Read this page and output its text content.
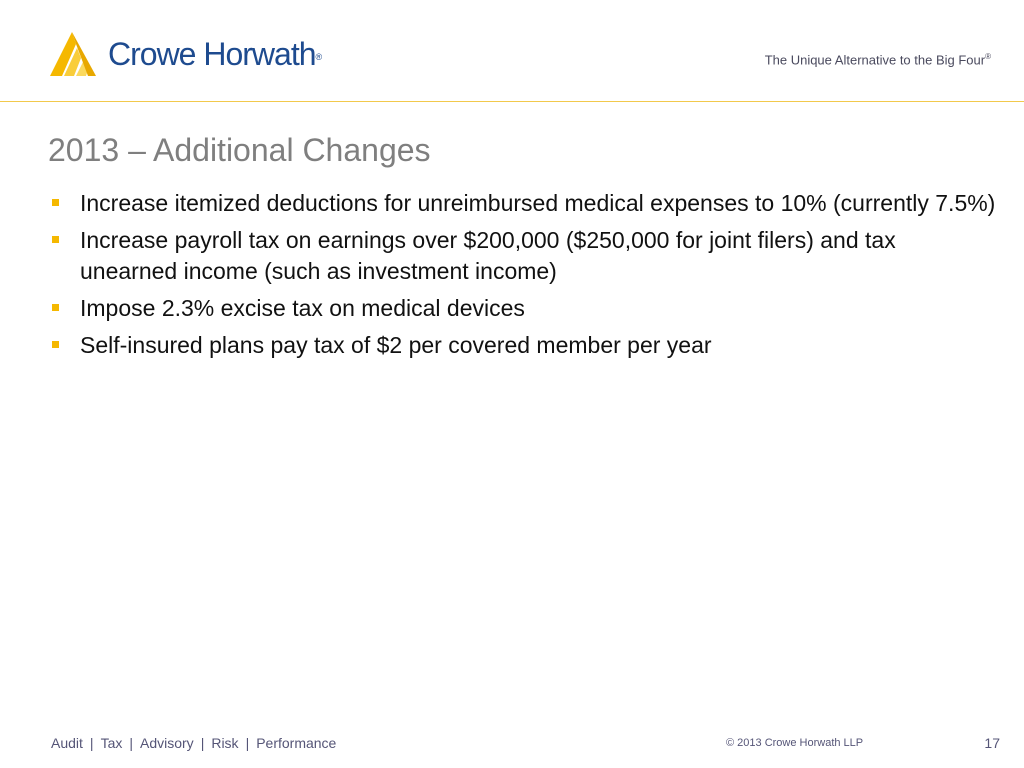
Crowe Horwath®	The Unique Alternative to the Big Four®
2013 – Additional Changes
Increase itemized deductions for unreimbursed medical expenses to 10% (currently 7.5%)
Increase payroll tax on earnings over $200,000 ($250,000 for joint filers) and tax unearned income (such as investment income)
Impose 2.3% excise tax on medical devices
Self-insured plans pay tax of $2 per covered member per year
Audit | Tax | Advisory | Risk | Performance	© 2013 Crowe Horwath LLP	17
